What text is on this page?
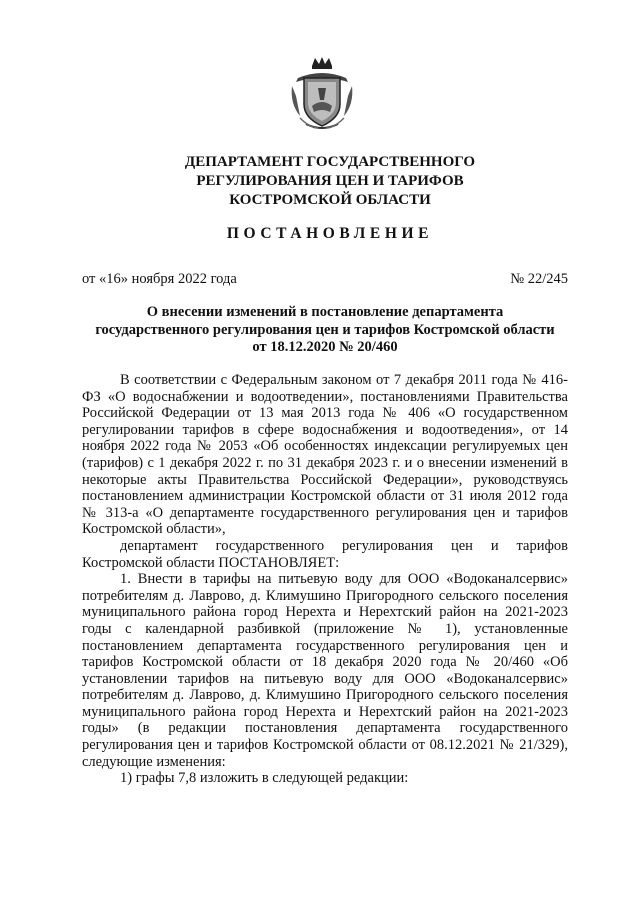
ДЕПАРТАМЕНТ ГОСУДАРСТВЕННОГО
РЕГУЛИРОВАНИЯ ЦЕН И ТАРИФОВ
КОСТРОМСКОЙ ОБЛАСТИ
ПОСТАНОВЛЕНИЕ
от «16» ноября 2022 года	№ 22/245
О внесении изменений в постановление департамента
государственного регулирования цен и тарифов Костромской области
от 18.12.2020 № 20/460

В соответствии с Федеральным законом от 7 декабря 2011 года № 416-ФЗ «О водоснабжении и водоотведении», постановлениями Правительства Российской Федерации от 13 мая 2013 года № 406 «О государственном регулировании тарифов в сфере водоснабжения и водоотведения», от 14 ноября 2022 года № 2053 «Об особенностях индексации регулируемых цен (тарифов) с 1 декабря 2022 г. по 31 декабря 2023 г. и о внесении изменений в некоторые акты Правительства Российской Федерации», руководствуясь постановлением администрации Костромской области от 31 июля 2012 года № 313-а «О департаменте государственного регулирования цен и тарифов Костромской области»,

департамент государственного регулирования цен и тарифов Костромской области ПОСТАНОВЛЯЕТ:

1. Внести в тарифы на питьевую воду для ООО «Водоканалсервис» потребителям д. Лаврово, д. Климушино Пригородного сельского поселения муниципального района город Нерехта и Нерехтский район на 2021-2023 годы с календарной разбивкой (приложение № 1), установленные постановлением департамента государственного регулирования цен и тарифов Костромской области от 18 декабря 2020 года № 20/460 «Об установлении тарифов на питьевую воду для ООО «Водоканалсервис» потребителям д. Лаврово, д. Климушино Пригородного сельского поселения муниципального района город Нерехта и Нерехтский район на 2021-2023 годы» (в редакции постановления департамента государственного регулирования цен и тарифов Костромской области от 08.12.2021 № 21/329), следующие изменения:

1) графы 7,8 изложить в следующей редакции:
